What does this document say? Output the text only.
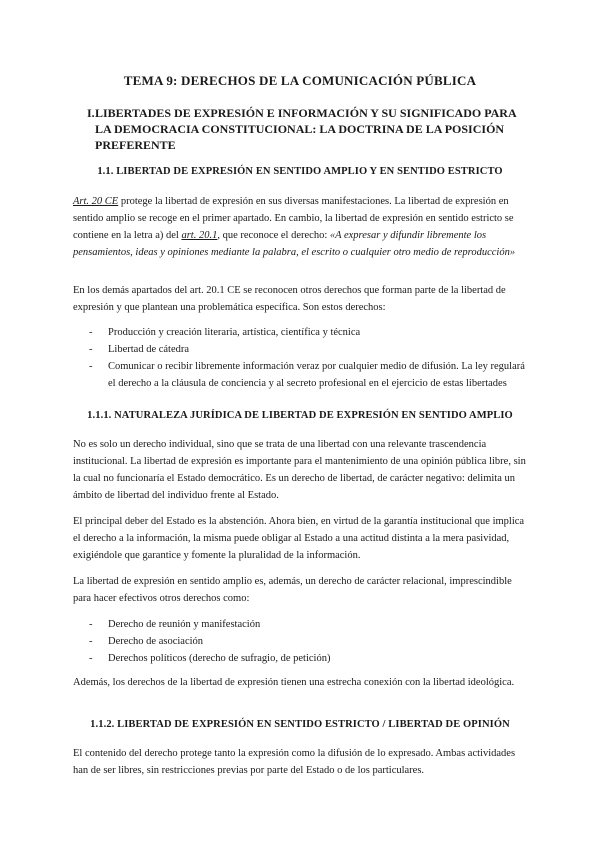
TEMA 9: DERECHOS DE LA COMUNICACIÓN PÚBLICA
I. LIBERTADES DE EXPRESIÓN E INFORMACIÓN Y SU SIGNIFICADO PARA LA DEMOCRACIA CONSTITUCIONAL: LA DOCTRINA DE LA POSICIÓN PREFERENTE
1.1. LIBERTAD DE EXPRESIÓN EN SENTIDO AMPLIO Y EN SENTIDO ESTRICTO

Art. 20 CE protege la libertad de expresión en sus diversas manifestaciones. La libertad de expresión en sentido amplio se recoge en el primer apartado. En cambio, la libertad de expresión en sentido estricto se contiene en la letra a) del art. 20.1, que reconoce el derecho: «A expresar y difundir libremente los pensamientos, ideas y opiniones mediante la palabra, el escrito o cualquier otro medio de reproducción»

En los demás apartados del art. 20.1 CE se reconocen otros derechos que forman parte de la libertad de expresión y que plantean una problemática específica. Son estos derechos:

- Producción y creación literaria, artística, científica y técnica
- Libertad de cátedra
- Comunicar o recibir libremente información veraz por cualquier medio de difusión. La ley regulará el derecho a la cláusula de conciencia y al secreto profesional en el ejercicio de estas libertades
1.1.1. NATURALEZA JURÍDICA DE LIBERTAD DE EXPRESIÓN EN SENTIDO AMPLIO

No es solo un derecho individual, sino que se trata de una libertad con una relevante trascendencia institucional. La libertad de expresión es importante para el mantenimiento de una opinión pública libre, sin la cual no funcionaría el Estado democrático. Es un derecho de libertad, de carácter negativo: delimita un ámbito de libertad del individuo frente al Estado.

El principal deber del Estado es la abstención. Ahora bien, en virtud de la garantía institucional que implica el derecho a la información, la misma puede obligar al Estado a una actitud distinta a la mera pasividad, exigiéndole que garantice y fomente la pluralidad de la información.

La libertad de expresión en sentido amplio es, además, un derecho de carácter relacional, imprescindible para hacer efectivos otros derechos como:

- Derecho de reunión y manifestación
- Derecho de asociación
- Derechos políticos (derecho de sufragio, de petición)

Además, los derechos de la libertad de expresión tienen una estrecha conexión con la libertad ideológica.

1.1.2. LIBERTAD DE EXPRESIÓN EN SENTIDO ESTRICTO / LIBERTAD DE OPINIÓN

El contenido del derecho protege tanto la expresión como la difusión de lo expresado. Ambas actividades han de ser libres, sin restricciones previas por parte del Estado o de los particulares.
